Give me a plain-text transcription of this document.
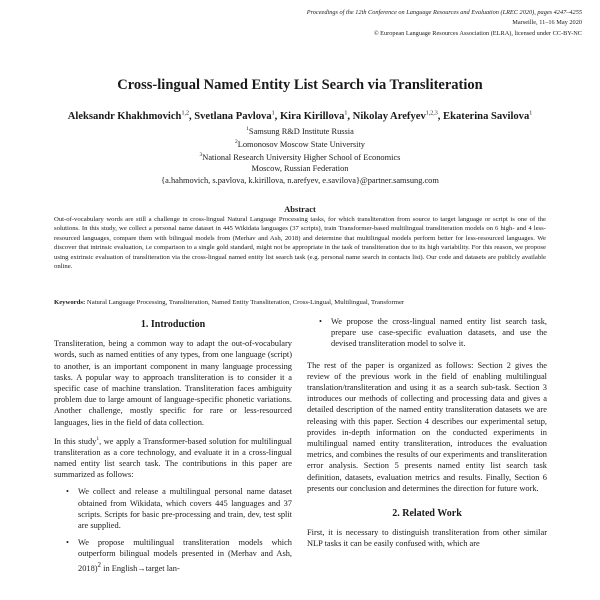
Proceedings of the 12th Conference on Language Resources and Evaluation (LREC 2020), pages 4247–4255
Marseille, 11–16 May 2020
© European Language Resources Association (ELRA), licensed under CC-BY-NC
Cross-lingual Named Entity List Search via Transliteration
Aleksandr Khakhmovich$^{1,2}$, Svetlana Pavlova$^1$, Kira Kirillova$^1$, Nikolay Arefyev$^{1,2,3}$, Ekaterina Savilova$^1$
$^1$Samsung R&D Institute Russia
$^2$Lomonosov Moscow State University
$^3$National Research University Higher School of Economics
Moscow, Russian Federation
{a.hahmovich, s.pavlova, k.kirillova, n.arefyev, e.savilova}@partner.samsung.com
Abstract
Out-of-vocabulary words are still a challenge in cross-lingual Natural Language Processing tasks, for which transliteration from source to target language or script is one of the solutions. In this study, we collect a personal name dataset in 445 Wikidata languages (37 scripts), train Transformer-based multilingual transliteration models on 6 high- and 4 less-resourced languages, compare them with bilingual models from (Merhav and Ash, 2018) and determine that multilingual models perform better for less-resourced languages. We discover that intrinsic evaluation, i.e comparison to a single gold standard, might not be appropriate in the task of transliteration due to its high variability. For this reason, we propose using extrinsic evaluation of transliteration via the cross-lingual named entity list search task (e.g. personal name search in contacts list). Our code and datasets are publicly available online.
Keywords: Natural Language Processing, Transliteration, Named Entity Transliteration, Cross-Lingual, Multilingual, Transformer
1. Introduction

Transliteration, being a common way to adapt the out-of-vocabulary words, such as named entities of any types, from one language (script) to another, is an important component in many language processing tasks. A popular way to approach transliteration is to consider it a specific case of machine translation. Transliteration faces ambiguity problem due to large amount of language-specific phonetic variations. Another challenge, mostly specific for rare or less-resourced languages, lies in the field of data collection.

In this study$^1$, we apply a Transformer-based solution for multilingual transliteration as a core technology, and evaluate it in a cross-lingual named entity list search task. The contributions in this paper are summarized as follows:

• We collect and release a multilingual personal name dataset obtained from Wikidata, which covers 445 languages and 37 scripts. Scripts for basic pre-processing and train, dev, test split are supplied.
• We propose multilingual transliteration models which outperform bilingual models presented in (Merhav and Ash, 2018)$^2$ in English→target lan-
• We propose the cross-lingual named entity list search task, prepare use case-specific evaluation datasets, and use the devised transliteration model to solve it.

The rest of the paper is organized as follows: Section 2 gives the review of the previous work in the field of enabling multilingual translation/transliteration and using it as a search sub-task. Section 3 introduces our methods of collecting and processing data and gives a detailed description of the named entity transliteration datasets we are releasing with this paper. Section 4 describes our experimental setup, provides in-depth information on the conducted experiments in multilingual named entity transliteration, introduces the evaluation metrics, and combines the results of our experiments and transliteration error analysis. Section 5 presents named entity list search task definition, datasets, evaluation metrics and results. Finally, Section 6 presents our conclusion and determines the direction for future work.

2. Related Work

First, it is necessary to distinguish transliteration from other similar NLP tasks it can be easily confused with, which are
